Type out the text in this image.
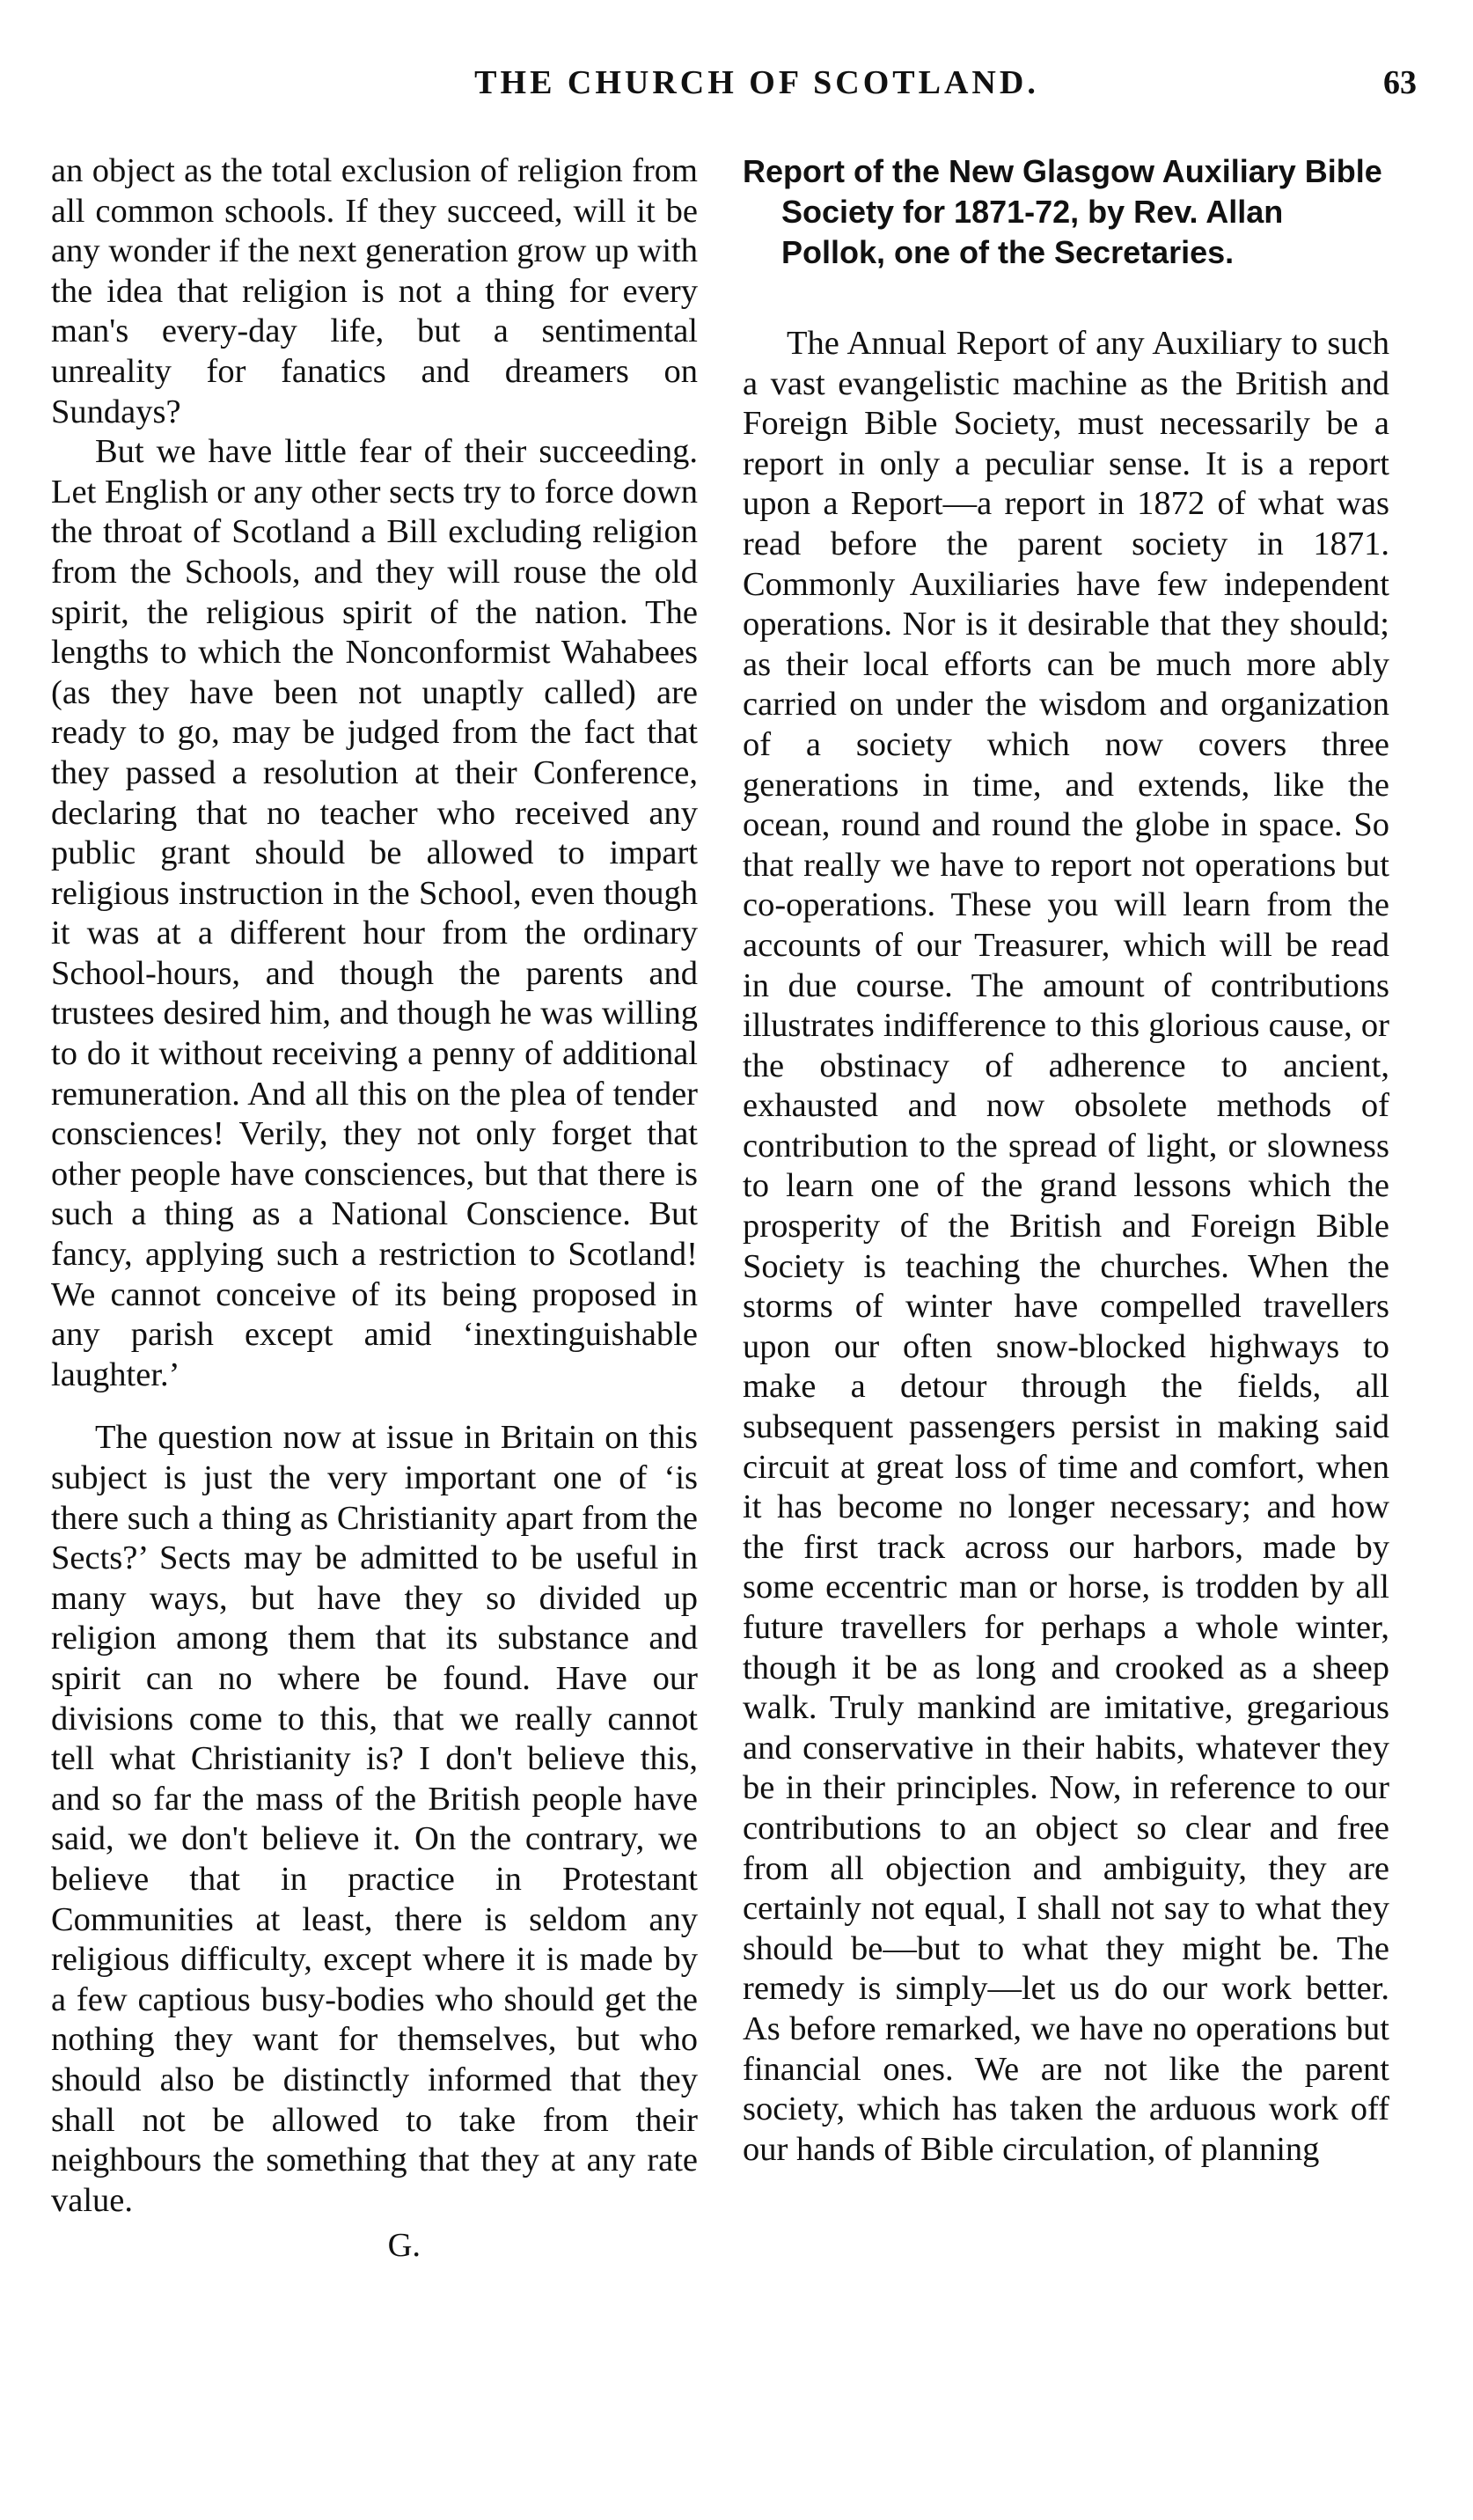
THE CHURCH OF SCOTLAND.	63

an object as the total exclusion of religion from all common schools. If they succeed, will it be any wonder if the next generation grow up with the idea that religion is not a thing for every man's every-day life, but a sentimental unreality for fanatics and dreamers on Sundays?

But we have little fear of their succeeding. Let English or any other sects try to force down the throat of Scotland a Bill excluding religion from the Schools, and they will rouse the old spirit, the religious spirit of the nation. The lengths to which the Nonconformist Wahabees (as they have been not unaptly called) are ready to go, may be judged from the fact that they passed a resolution at their Conference, declaring that no teacher who received any public grant should be allowed to impart religious instruction in the School, even though it was at a different hour from the ordinary School-hours, and though the parents and trustees desired him, and though he was willing to do it without receiving a penny of additional remuneration. And all this on the plea of tender consciences! Verily, they not only forget that other people have consciences, but that there is such a thing as a National Conscience. But fancy, applying such a restriction to Scotland! We cannot conceive of its being proposed in any parish except amid ‘inextinguishable laughter.’

The question now at issue in Britain on this subject is just the very important one of ‘is there such a thing as Christianity apart from the Sects?’ Sects may be admitted to be useful in many ways, but have they so divided up religion among them that its substance and spirit can no where be found. Have our divisions come to this, that we really cannot tell what Christianity is? I don't believe this, and so far the mass of the British people have said, we don't believe it. On the contrary, we believe that in practice in Protestant Communities at least, there is seldom any religious difficulty, except where it is made by a few captious busy-bodies who should get the nothing they want for themselves, but who should also be distinctly informed that they shall not be allowed to take from their neighbours the something that they at any rate value.

G.
Report of the New Glasgow Auxiliary Bible Society for 1871-72, by Rev. Allan Pollok, one of the Secretaries.

The Annual Report of any Auxiliary to such a vast evangelistic machine as the British and Foreign Bible Society, must necessarily be a report in only a peculiar sense. It is a report upon a Report—a report in 1872 of what was read before the parent society in 1871. Commonly Auxiliaries have few independent operations. Nor is it desirable that they should; as their local efforts can be much more ably carried on under the wisdom and organization of a society which now covers three generations in time, and extends, like the ocean, round and round the globe in space. So that really we have to report not operations but co-operations. These you will learn from the accounts of our Treasurer, which will be read in due course. The amount of contributions illustrates indifference to this glorious cause, or the obstinacy of adherence to ancient, exhausted and now obsolete methods of contribution to the spread of light, or slowness to learn one of the grand lessons which the prosperity of the British and Foreign Bible Society is teaching the churches. When the storms of winter have compelled travellers upon our often snow-blocked highways to make a detour through the fields, all subsequent passengers persist in making said circuit at great loss of time and comfort, when it has become no longer necessary; and how the first track across our harbors, made by some eccentric man or horse, is trodden by all future travellers for perhaps a whole winter, though it be as long and crooked as a sheep walk. Truly mankind are imitative, gregarious and conservative in their habits, whatever they be in their principles. Now, in reference to our contributions to an object so clear and free from all objection and ambiguity, they are certainly not equal, I shall not say to what they should be—but to what they might be. The remedy is simply—let us do our work better. As before remarked, we have no operations but financial ones. We are not like the parent society, which has taken the arduous work off our hands of Bible circulation, of planning
